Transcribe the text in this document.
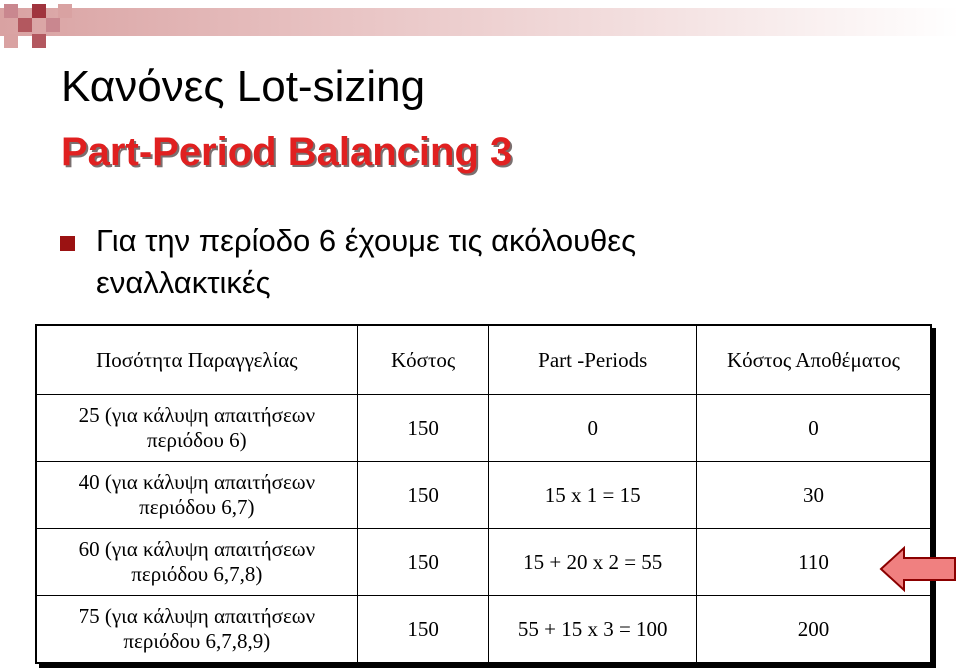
Κανόνες Lot-sizing
Part-Period Balancing 3
Για την περίοδο 6 έχουμε τις ακόλουθες εναλλακτικές
Ποσότητα Παραγγελίας	Κόστος	Part -Periods	Κόστος Αποθέματος
25 (για κάλυψη απαιτήσεων περιόδου 6)	150	0	0
40 (για κάλυψη απαιτήσεων περιόδου 6,7)	150	15 x 1 = 15	30
60 (για κάλυψη απαιτήσεων περιόδου 6,7,8)	150	15 + 20 x 2 = 55	110
75 (για κάλυψη απαιτήσεων περιόδου 6,7,8,9)	150	55 + 15 x 3 = 100	200
